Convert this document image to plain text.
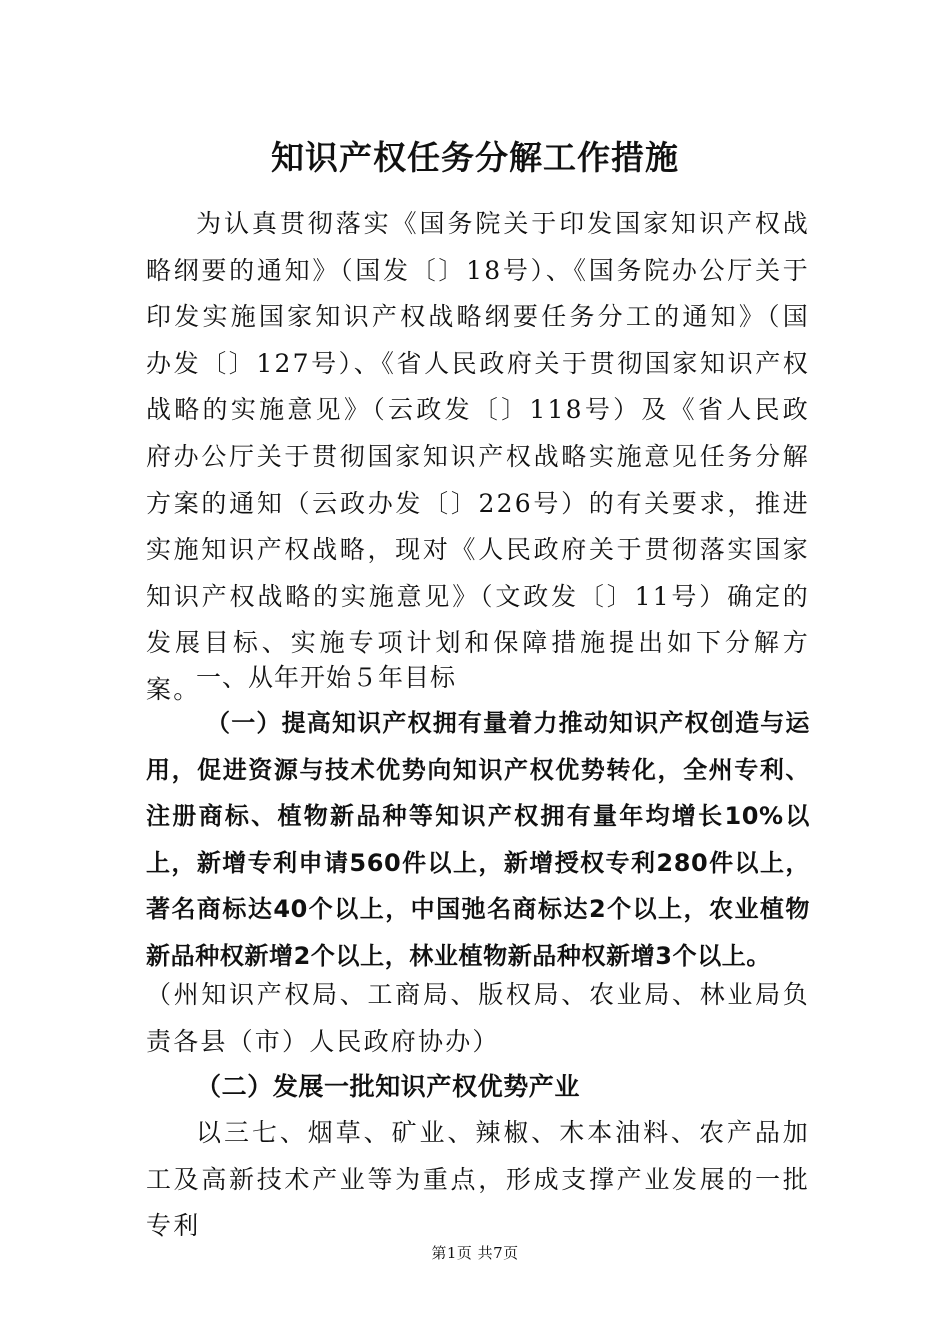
知识产权任务分解工作措施
为认真贯彻落实《国务院关于印发国家知识产权战略纲要的通知》（国发〔〕18号）、《国务院办公厅关于印发实施国家知识产权战略纲要任务分工的通知》（国办发〔〕127号）、《省人民政府关于贯彻国家知识产权战略的实施意见》（云政发〔〕118号）及《省人民政府办公厅关于贯彻国家知识产权战略实施意见任务分解方案的通知（云政办发〔〕226号）的有关要求，推进实施知识产权战略，现对《人民政府关于贯彻落实国家知识产权战略的实施意见》（文政发〔〕11号）确定的发展目标、实施专项计划和保障措施提出如下分解方案。
一、从年开始５年目标
（一）提高知识产权拥有量着力推动知识产权创造与运用，促进资源与技术优势向知识产权优势转化，全州专利、注册商标、植物新品种等知识产权拥有量年均增长10%以上，新增专利申请560件以上，新增授权专利280件以上，著名商标达40个以上，中国弛名商标达2个以上，农业植物新品种权新增2个以上，林业植物新品种权新增3个以上。
（州知识产权局、工商局、版权局、农业局、林业局负责各县（市）人民政府协办）
（二）发展一批知识产权优势产业
以三七、烟草、矿业、辣椒、木本油料、农产品加工及高新技术产业等为重点，形成支撑产业发展的一批专利
第1页 共7页
